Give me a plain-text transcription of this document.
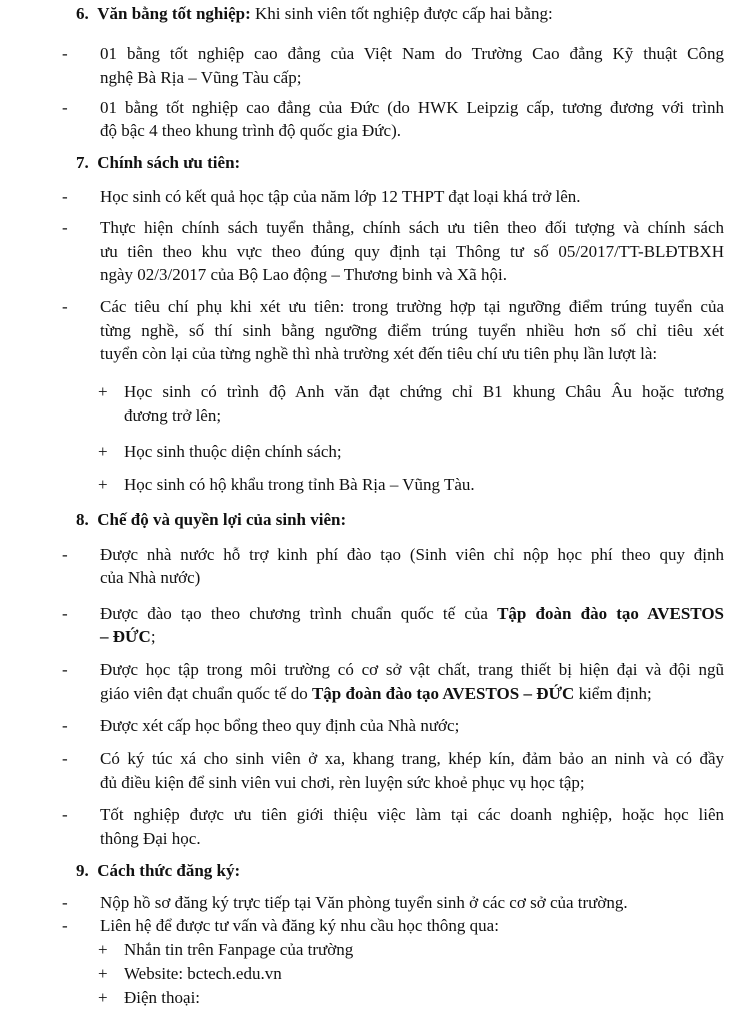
6. Văn bằng tốt nghiệp: Khi sinh viên tốt nghiệp được cấp hai bằng:
- 01 bằng tốt nghiệp cao đẳng của Việt Nam do Trường Cao đẳng Kỹ thuật Công
nghệ Bà Rịa – Vũng Tàu cấp;
- 01 bằng tốt nghiệp cao đẳng của Đức (do HWK Leipzig cấp, tương đương với trình
độ bậc 4 theo khung trình độ quốc gia Đức).
7. Chính sách ưu tiên:
- Học sinh có kết quả học tập của năm lớp 12 THPT đạt loại khá trở lên.
- Thực hiện chính sách tuyển thẳng, chính sách ưu tiên theo đối tượng và chính sách
ưu tiên theo khu vực theo đúng quy định tại Thông tư số 05/2017/TT-BLĐTBXH
ngày 02/3/2017 của Bộ Lao động – Thương binh và Xã hội.
- Các tiêu chí phụ khi xét ưu tiên: trong trường hợp tại ngưỡng điểm trúng tuyển của
từng nghề, số thí sinh bằng ngưỡng điểm trúng tuyển nhiều hơn số chỉ tiêu xét
tuyển còn lại của từng nghề thì nhà trường xét đến tiêu chí ưu tiên phụ lần lượt là:
+ Học sinh có trình độ Anh văn đạt chứng chỉ B1 khung Châu Âu hoặc tương
đương trở lên;
+ Học sinh thuộc diện chính sách;
+ Học sinh có hộ khẩu trong tỉnh Bà Rịa – Vũng Tàu.
8. Chế độ và quyền lợi của sinh viên:
- Được nhà nước hỗ trợ kinh phí đào tạo (Sinh viên chỉ nộp học phí theo quy định
của Nhà nước)
- Được đào tạo theo chương trình chuẩn quốc tế của Tập đoàn đào tạo AVESTOS
– ĐỨC;
- Được học tập trong môi trường có cơ sở vật chất, trang thiết bị hiện đại và đội ngũ
giáo viên đạt chuẩn quốc tế do Tập đoàn đào tạo AVESTOS – ĐỨC kiểm định;
- Được xét cấp học bổng theo quy định của Nhà nước;
- Có ký túc xá cho sinh viên ở xa, khang trang, khép kín, đảm bảo an ninh và có đầy
đủ điều kiện để sinh viên vui chơi, rèn luyện sức khoẻ phục vụ học tập;
- Tốt nghiệp được ưu tiên giới thiệu việc làm tại các doanh nghiệp, hoặc học liên
thông Đại học.
9. Cách thức đăng ký:
- Nộp hồ sơ đăng ký trực tiếp tại Văn phòng tuyển sinh ở các cơ sở của trường.
- Liên hệ để được tư vấn và đăng ký nhu cầu học thông qua:
+ Nhắn tin trên Fanpage của trường
+ Website: bctech.edu.vn
+ Điện thoại:
